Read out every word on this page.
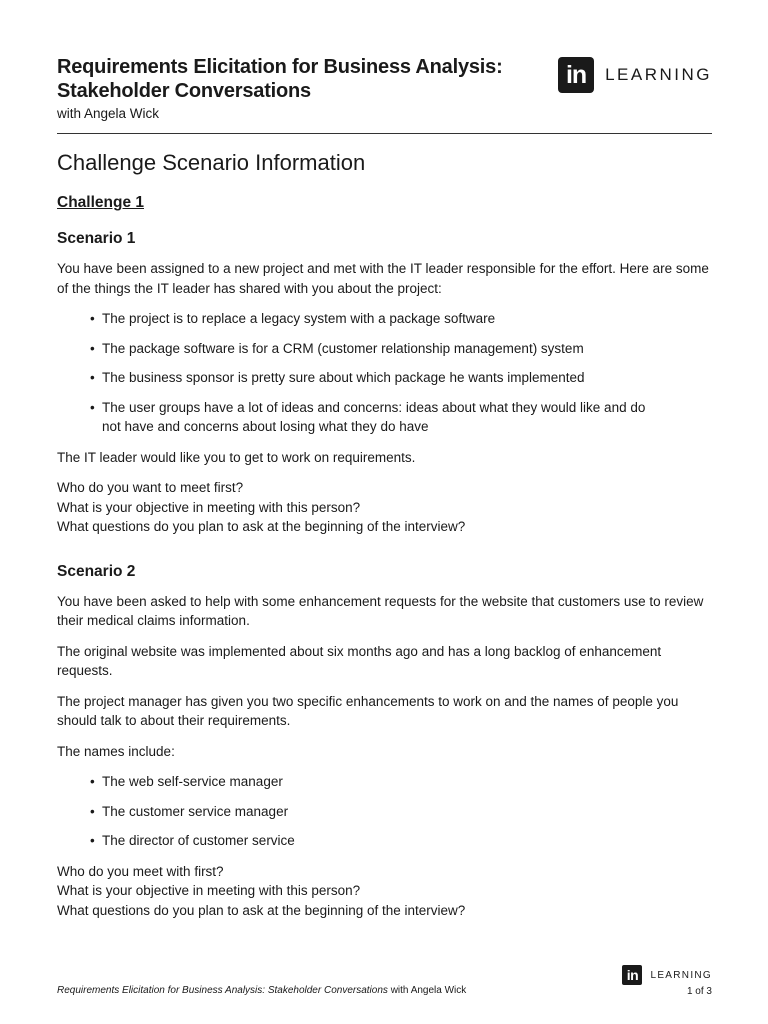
Requirements Elicitation for Business Analysis:
Stakeholder Conversations
with Angela Wick
in	LEARNING
Challenge Scenario Information
Challenge 1
Scenario 1

You have been assigned to a new project and met with the IT leader responsible for the effort. Here are some of the things the IT leader has shared with you about the project:

• The project is to replace a legacy system with a package software
• The package software is for a CRM (customer relationship management) system
• The business sponsor is pretty sure about which package he wants implemented
• The user groups have a lot of ideas and concerns: ideas about what they would like and do not have and concerns about losing what they do have

The IT leader would like you to get to work on requirements.

Who do you want to meet first?
What is your objective in meeting with this person?
What questions do you plan to ask at the beginning of the interview?

Scenario 2

You have been asked to help with some enhancement requests for the website that customers use to review their medical claims information.

The original website was implemented about six months ago and has a long backlog of enhancement requests.

The project manager has given you two specific enhancements to work on and the names of people you should talk to about their requirements.

The names include:

• The web self-service manager
• The customer service manager
• The director of customer service

Who do you meet with first?
What is your objective in meeting with this person?
What questions do you plan to ask at the beginning of the interview?

Requirements Elicitation for Business Analysis: Stakeholder Conversations with Angela Wick
in	LEARNING
1 of 3
